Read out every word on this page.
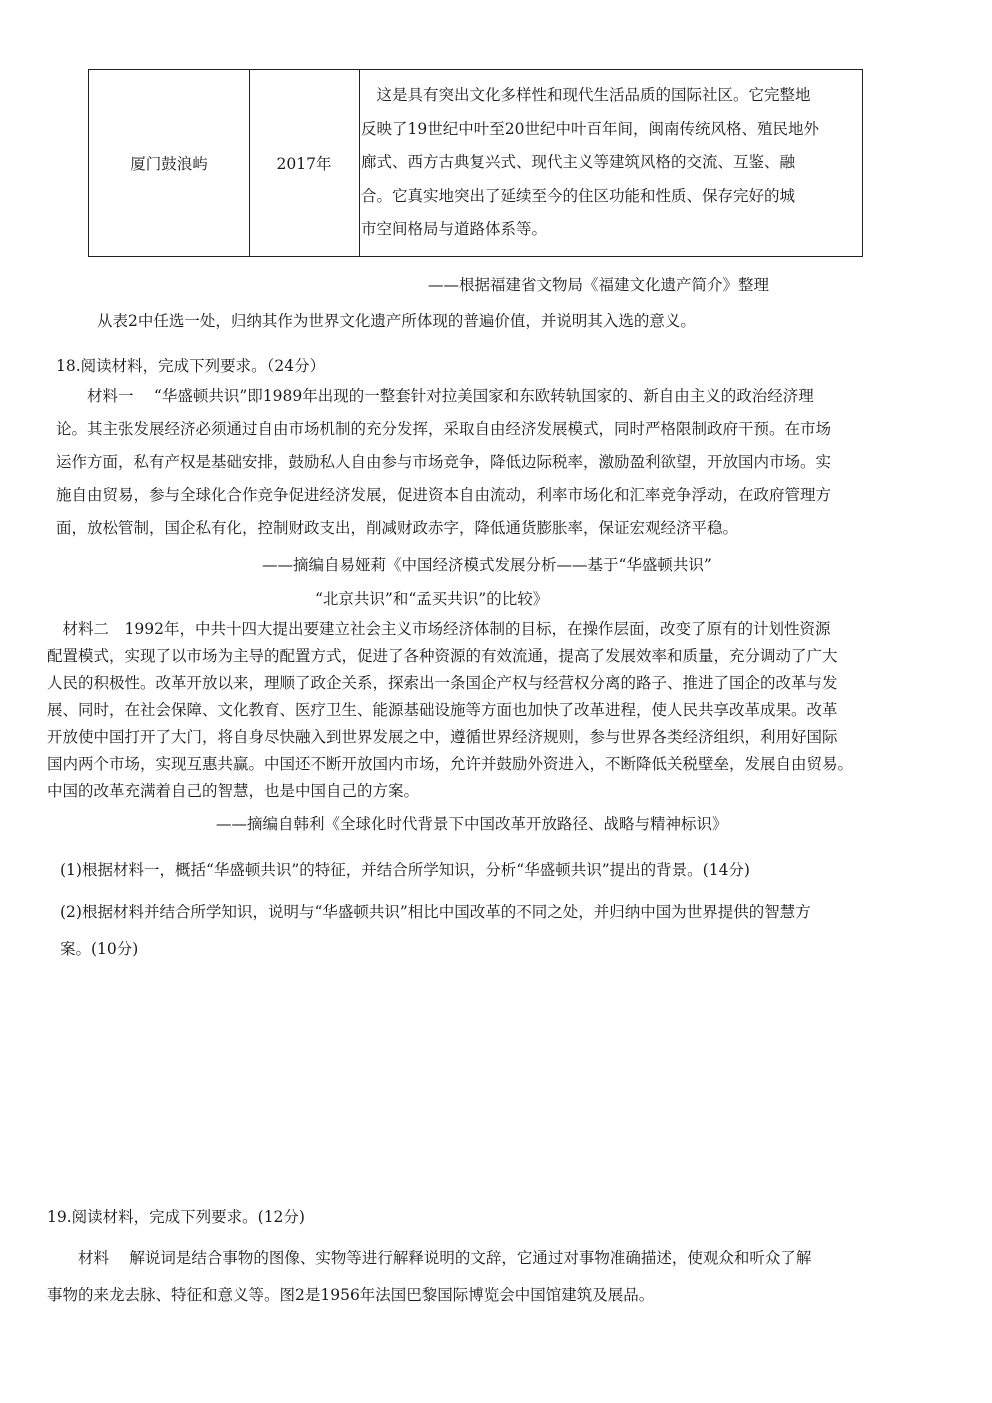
厦门鼓浪屿	2017年
　这是具有突出文化多样性和现代生活品质的国际社区。它完整地
反映了19世纪中叶至20世纪中叶百年间，闽南传统风格、殖民地外
廊式、西方古典复兴式、现代主义等建筑风格的交流、互鉴、融
合。它真实地突出了延续至今的住区功能和性质、保存完好的城
市空间格局与道路体系等。
——根据福建省文物局《福建文化遗产简介》整理
从表2中任选一处，归纳其作为世界文化遗产所体现的普遍价值，并说明其入选的意义。
18.阅读材料，完成下列要求。（24分）
　　材料一　 “华盛顿共识”即1989年出现的一整套针对拉美国家和东欧转轨国家的、新自由主义的政治经济理
论。其主张发展经济必须通过自由市场机制的充分发挥，采取自由经济发展模式，同时严格限制政府干预。在市场
运作方面，私有产权是基础安排，鼓励私人自由参与市场竞争，降低边际税率，激励盈利欲望，开放国内市场。实
施自由贸易，参与全球化合作竞争促进经济发展，促进资本自由流动，利率市场化和汇率竞争浮动，在政府管理方
面，放松管制，国企私有化，控制财政支出，削减财政赤字，降低通货膨胀率，保证宏观经济平稳。
——摘编自易娅莉《中国经济模式发展分析——基于“华盛顿共识”
“北京共识”和“孟买共识”的比较》
　材料二　1992年，中共十四大提出要建立社会主义市场经济体制的目标，在操作层面，改变了原有的计划性资源
配置模式，实现了以市场为主导的配置方式，促进了各种资源的有效流通，提高了发展效率和质量，充分调动了广大
人民的积极性。改革开放以来，理顺了政企关系，探索出一条国企产权与经营权分离的路子、推进了国企的改革与发
展、同时，在社会保障、文化教育、医疗卫生、能源基础设施等方面也加快了改革进程，使人民共享改革成果。改革
开放使中国打开了大门，将自身尽快融入到世界发展之中，遵循世界经济规则，参与世界各类经济组织，利用好国际
国内两个市场，实现互惠共赢。中国还不断开放国内市场，允许并鼓励外资进入，不断降低关税壁垒，发展自由贸易。
中国的改革充满着自己的智慧，也是中国自己的方案。
——摘编自韩利《全球化时代背景下中国改革开放路径、战略与精神标识》
(1)根据材料一，概括“华盛顿共识”的特征，并结合所学知识，分析“华盛顿共识”提出的背景。(14分)
(2)根据材料并结合所学知识，说明与“华盛顿共识”相比中国改革的不同之处，并归纳中国为世界提供的智慧方
案。(10分)
19.阅读材料，完成下列要求。(12分)
　　材料　 解说词是结合事物的图像、实物等进行解释说明的文辞，它通过对事物准确描述，使观众和听众了解
事物的来龙去脉、特征和意义等。图2是1956年法国巴黎国际博览会中国馆建筑及展品。
